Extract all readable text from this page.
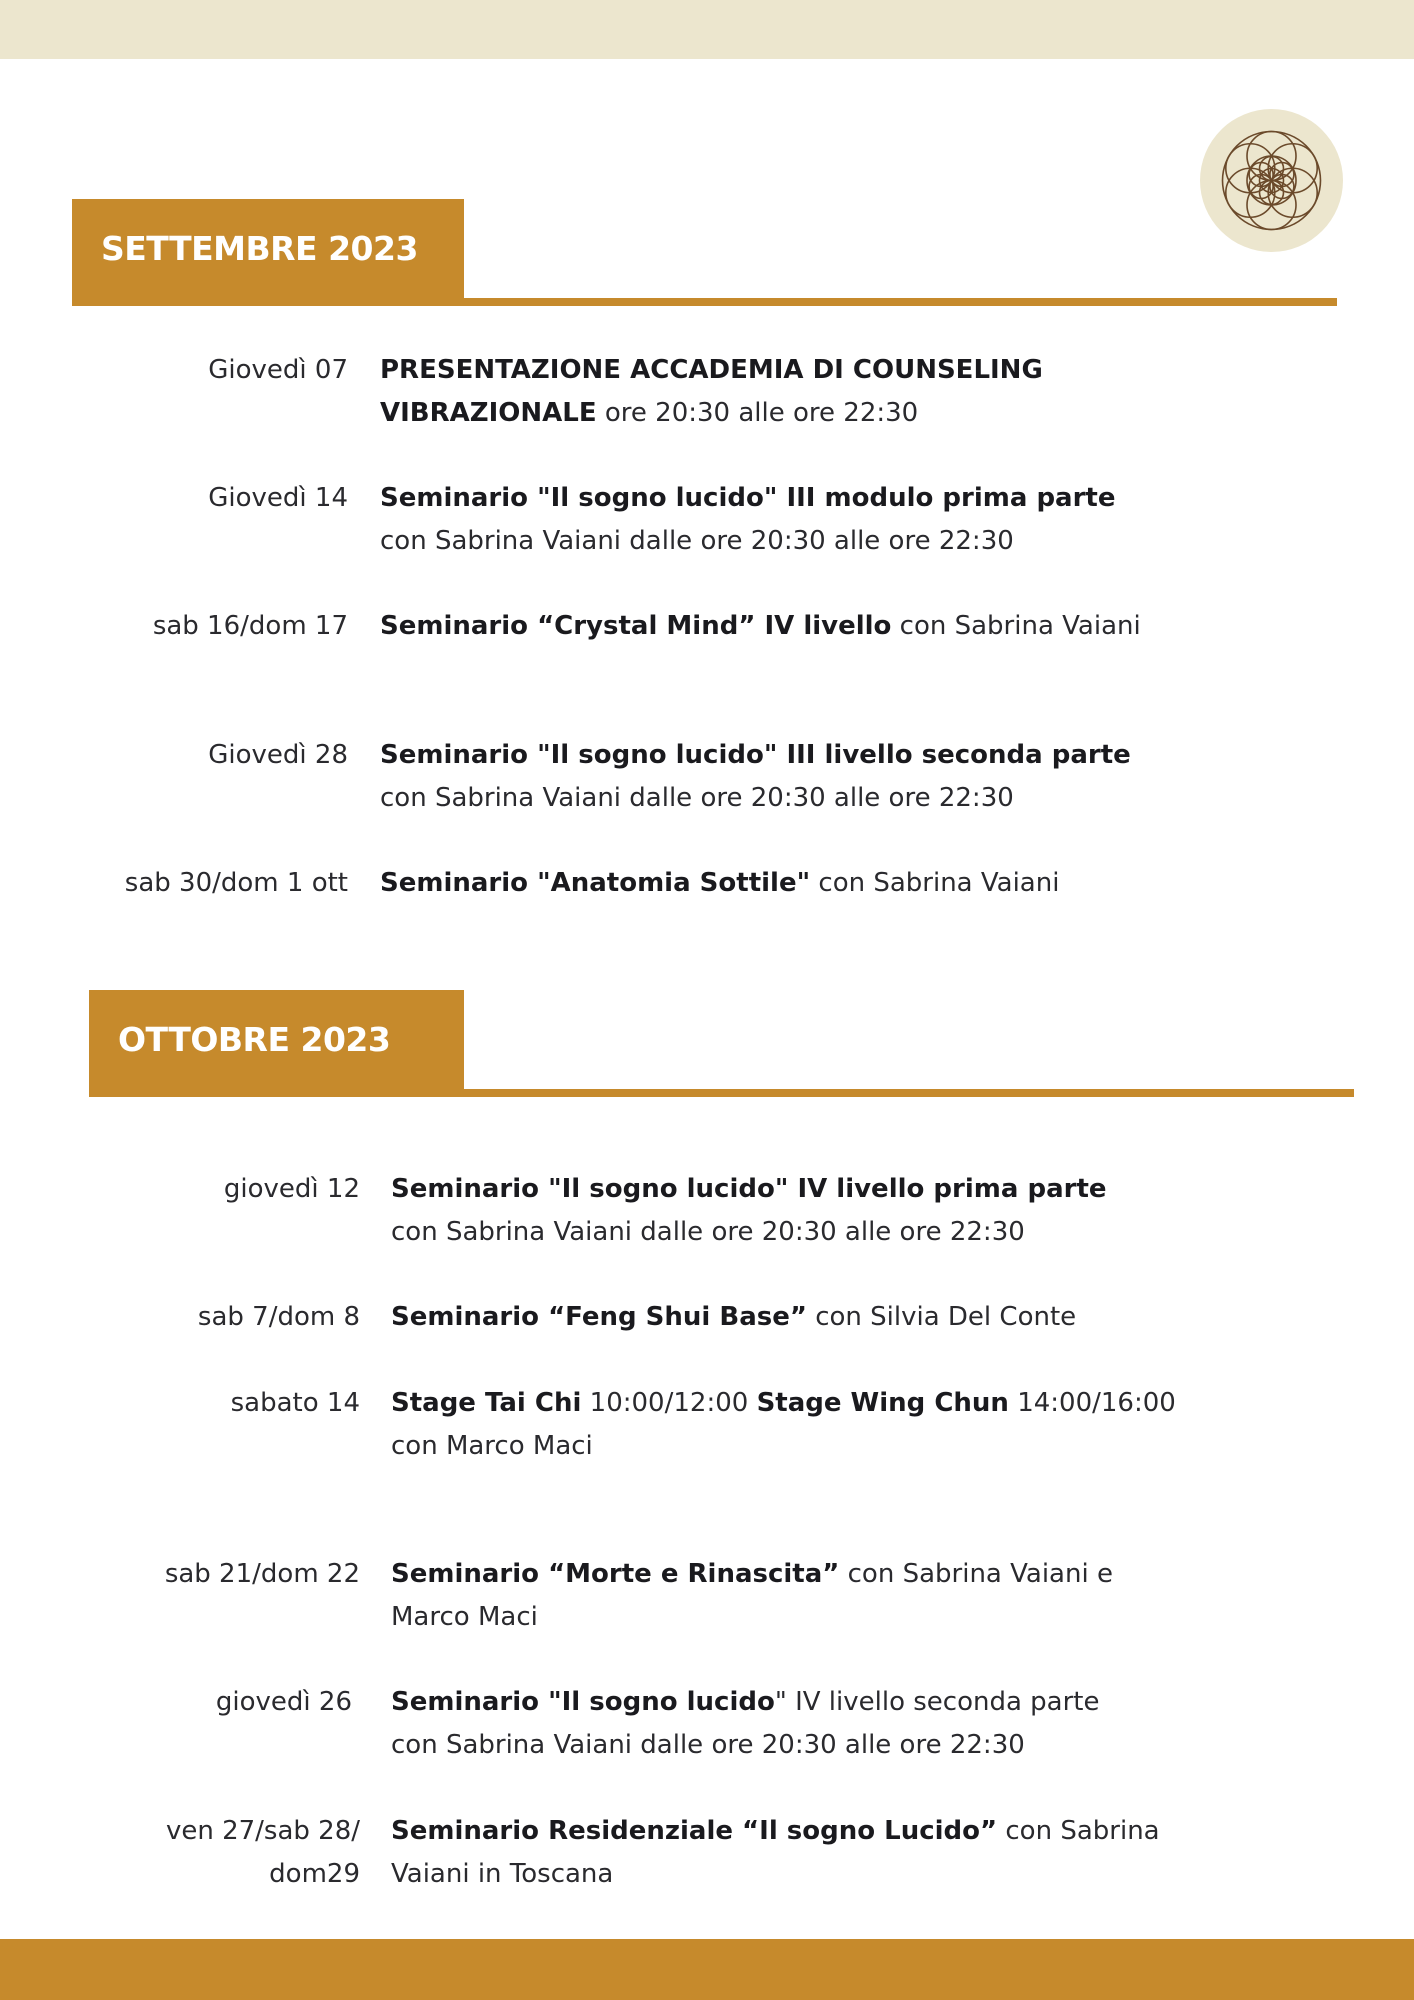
SETTEMBRE 2023
Giovedì 07 PRESENTAZIONE ACCADEMIA DI COUNSELING
VIBRAZIONALE ore 20:30 alle ore 22:30
Giovedì 14 Seminario "Il sogno lucido" III modulo prima parte
con Sabrina Vaiani dalle ore 20:30 alle ore 22:30
sab 16/dom 17 Seminario “Crystal Mind” IV livello con Sabrina Vaiani
Giovedì 28 Seminario "Il sogno lucido" III livello seconda parte
con Sabrina Vaiani dalle ore 20:30 alle ore 22:30
sab 30/dom 1 ott Seminario "Anatomia Sottile" con Sabrina Vaiani
OTTOBRE 2023
giovedì 12 Seminario "Il sogno lucido" IV livello prima parte
con Sabrina Vaiani dalle ore 20:30 alle ore 22:30
sab 7/dom 8 Seminario “Feng Shui Base” con Silvia Del Conte
sabato 14 Stage Tai Chi 10:00/12:00 Stage Wing Chun 14:00/16:00
con Marco Maci
sab 21/dom 22 Seminario “Morte e Rinascita” con Sabrina Vaiani e Marco Maci
giovedì 26 Seminario "Il sogno lucido" IV livello seconda parte
con Sabrina Vaiani dalle ore 20:30 alle ore 22:30
ven 27/sab 28/
dom29
Seminario Residenziale “Il sogno Lucido” con Sabrina Vaiani in Toscana
